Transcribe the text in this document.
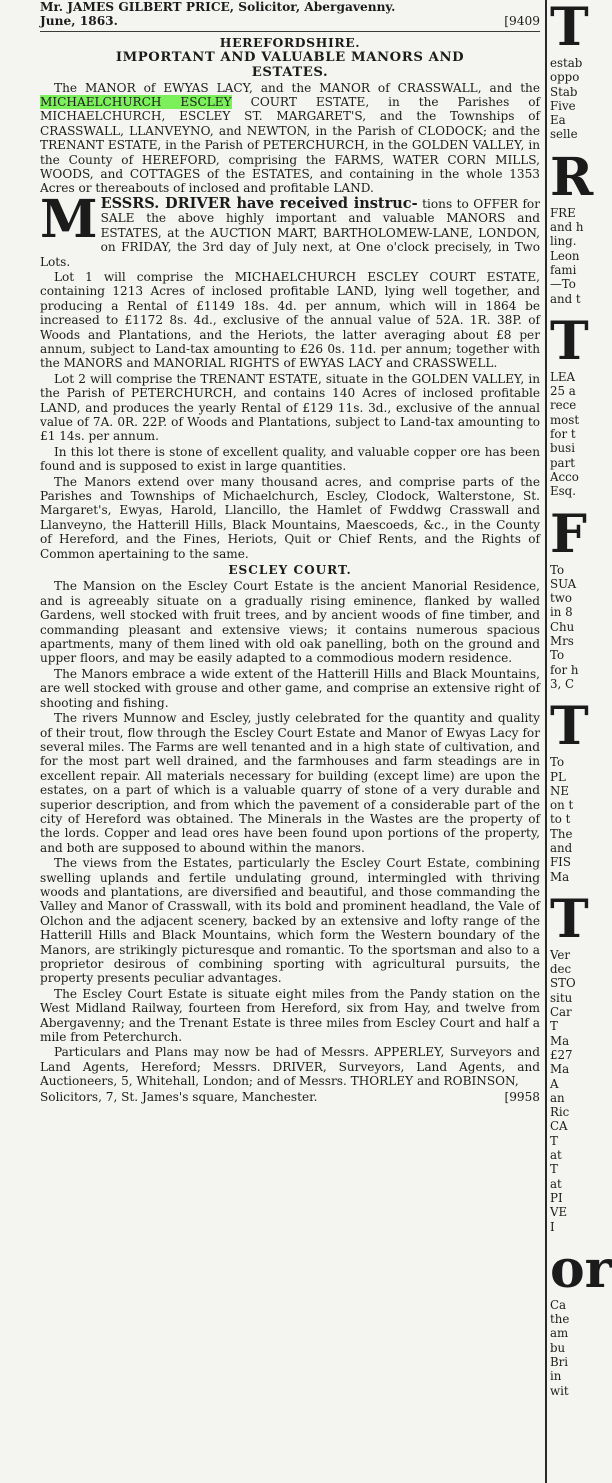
Mr. JAMES GILBERT PRICE, Solicitor, Abergavenny.
June, 1863.	[9409
HEREFORDSHIRE.
IMPORTANT AND VALUABLE MANORS AND
ESTATES.

The MANOR of EWYAS LACY, and the MANOR of CRASSWALL, and the MICHAELCHURCH ESCLEY COURT ESTATE, in the Parishes of MICHAELCHURCH, ESCLEY ST. MARGARET'S, and the Townships of CRASSWALL, LLANVEYNO, and NEWTON, in the Parish of CLODOCK; and the TRENANT ESTATE, in the Parish of PETERCHURCH, in the GOLDEN VALLEY, in the County of HEREFORD, comprising the FARMS, WATER CORN MILLS, WOODS, and COTTAGES of the ESTATES, and containing in the whole 1353 Acres or thereabouts of inclosed and profitable LAND.

M ESSRS. DRIVER have received instruc- tions to OFFER for SALE the above highly important and valuable MANORS and ESTATES, at the AUCTION MART, BARTHOLOMEW-LANE, LONDON, on FRIDAY, the 3rd day of July next, at One o'clock precisely, in Two Lots.

Lot 1 will comprise the MICHAELCHURCH ESCLEY COURT ESTATE, containing 1213 Acres of inclosed profitable LAND, lying well together, and producing a Rental of £1149 18s. 4d. per annum, which will in 1864 be increased to £1172 8s. 4d., exclusive of the annual value of 52A. 1R. 38P. of Woods and Plantations, and the Heriots, the latter averaging about £8 per annum, subject to Land-tax amounting to £26 0s. 11d. per annum; together with the MANORS and MANORIAL RIGHTS of EWYAS LACY and CRASSWELL.

Lot 2 will comprise the TRENANT ESTATE, situate in the GOLDEN VALLEY, in the Parish of PETERCHURCH, and contains 140 Acres of inclosed profitable LAND, and produces the yearly Rental of £129 11s. 3d., exclusive of the annual value of 7A. 0R. 22P. of Woods and Plantations, subject to Land-tax amounting to £1 14s. per annum.

In this lot there is stone of excellent quality, and valuable copper ore has been found and is supposed to exist in large quantities.

The Manors extend over many thousand acres, and comprise parts of the Parishes and Townships of Michaelchurch, Escley, Clodock, Walterstone, St. Margaret's, Ewyas, Harold, Llancillo, the Hamlet of Fwddwg Crasswall and Llanveyno, the Hatterill Hills, Black Mountains, Maescoeds, &c., in the County of Hereford, and the Fines, Heriots, Quit or Chief Rents, and the Rights of Common apertaining to the same.

ESCLEY COURT.

The Mansion on the Escley Court Estate is the ancient Manorial Residence, and is agreeably situate on a gradually rising eminence, flanked by walled Gardens, well stocked with fruit trees, and by ancient woods of fine timber, and commanding pleasant and extensive views; it contains numerous spacious apartments, many of them lined with old oak panelling, both on the ground and upper floors, and may be easily adapted to a commodious modern residence.

The Manors embrace a wide extent of the Hatterill Hills and Black Mountains, are well stocked with grouse and other game, and comprise an extensive right of shooting and fishing.

The rivers Munnow and Escley, justly celebrated for the quantity and quality of their trout, flow through the Escley Court Estate and Manor of Ewyas Lacy for several miles. The Farms are well tenanted and in a high state of cultivation, and for the most part well drained, and the farmhouses and farm steadings are in excellent repair. All materials necessary for building (except lime) are upon the estates, on a part of which is a valuable quarry of stone of a very durable and superior description, and from which the pavement of a considerable part of the city of Hereford was obtained. The Minerals in the Wastes are the property of the lords. Copper and lead ores have been found upon portions of the property, and both are supposed to abound within the manors.

The views from the Estates, particularly the Escley Court Estate, combining swelling uplands and fertile undulating ground, intermingled with thriving woods and plantations, are diversified and beautiful, and those commanding the Valley and Manor of Crasswall, with its bold and prominent headland, the Vale of Olchon and the adjacent scenery, backed by an extensive and lofty range of the Hatterill Hills and Black Mountains, which form the Western boundary of the Manors, are strikingly picturesque and romantic. To the sportsman and also to a proprietor desirous of combining sporting with agricultural pursuits, the property presents peculiar advantages.

The Escley Court Estate is situate eight miles from the Pandy station on the West Midland Railway, fourteen from Hereford, six from Hay, and twelve from Abergavenny; and the Trenant Estate is three miles from Escley Court and half a mile from Peterchurch.

Particulars and Plans may now be had of Messrs. APPERLEY, Surveyors and Land Agents, Hereford; Messrs. DRIVER, Surveyors, Land Agents, and Auctioneers, 5, Whitehall, London; and of Messrs. THORLEY and ROBINSON,

Solicitors, 7, St. James's square, Manchester.	[9958
T
estab
oppo
Stab
Five
Ea
selle
R
FRE
and h
ling.
Leon
fami
—To
and t
T
LEA
25 a
rece
most
for t
busi
part
Acco
Esq.
F
To
SUA
two
in 8
Chu
Mrs
To
for h
3, C
T
To
PL
NE
on t
to t
The
and
FIS
Ma
T
Ver
dec
STO
situ
Car
T
Ma
£27
Ma
A
an
Ric
CA
T
at
T
at
PI
VE
I
or
Ca
the
am
bu
Bri
in
wit
